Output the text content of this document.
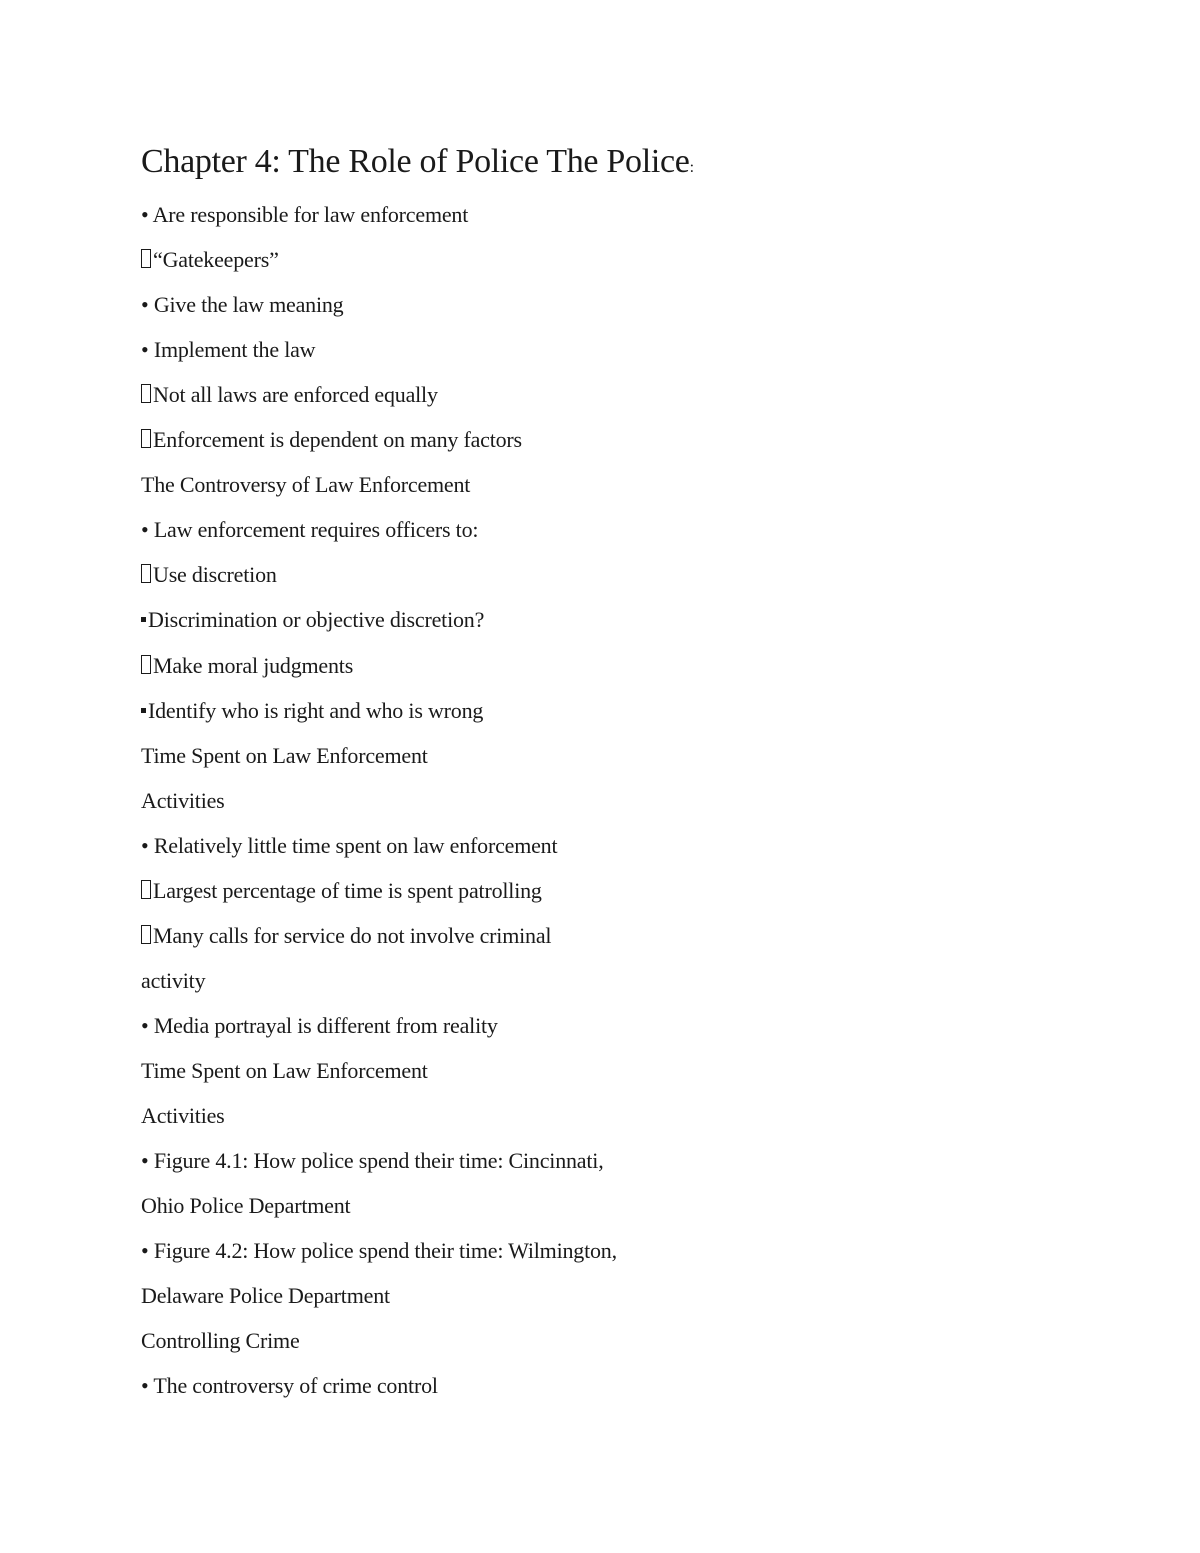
Chapter 4: The Role of Police The Police:
• Are responsible for law enforcement
“Gatekeepers”
• Give the law meaning
• Implement the law
Not all laws are enforced equally
Enforcement is dependent on many factors
The Controversy of Law Enforcement
• Law enforcement requires officers to:
Use discretion
Discrimination or objective discretion?
Make moral judgments
Identify who is right and who is wrong
Time Spent on Law Enforcement
Activities
• Relatively little time spent on law enforcement
Largest percentage of time is spent patrolling
Many calls for service do not involve criminal
activity
• Media portrayal is different from reality
Time Spent on Law Enforcement
Activities
• Figure 4.1: How police spend their time: Cincinnati,
Ohio Police Department
• Figure 4.2: How police spend their time: Wilmington,
Delaware Police Department
Controlling Crime
• The controversy of crime control
